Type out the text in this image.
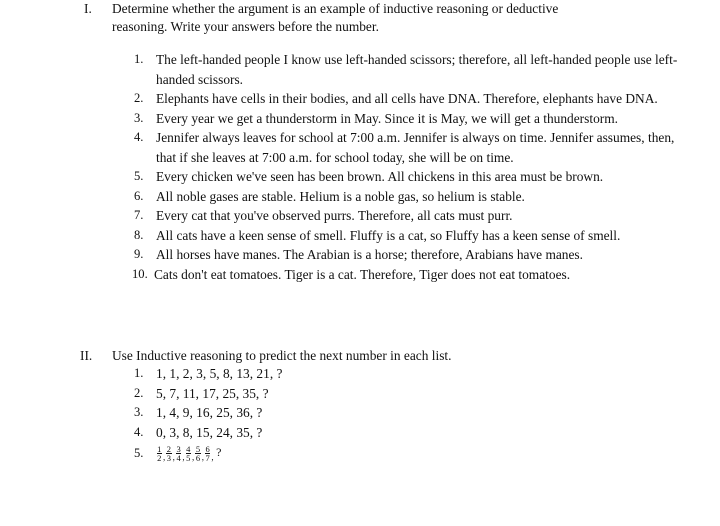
I. Determine whether the argument is an example of inductive reasoning or deductive
reasoning. Write your answers before the number.
1. The left-handed people I know use left-handed scissors; therefore, all left-handed people use left-handed scissors.
2. Elephants have cells in their bodies, and all cells have DNA. Therefore, elephants have DNA.
3. Every year we get a thunderstorm in May. Since it is May, we will get a thunderstorm.
4. Jennifer always leaves for school at 7:00 a.m. Jennifer is always on time. Jennifer assumes, then, that if she leaves at 7:00 a.m. for school today, she will be on time.
5. Every chicken we've seen has been brown. All chickens in this area must be brown.
6. All noble gases are stable. Helium is a noble gas, so helium is stable.
7. Every cat that you've observed purrs. Therefore, all cats must purr.
8. All cats have a keen sense of smell. Fluffy is a cat, so Fluffy has a keen sense of smell.
9. All horses have manes. The Arabian is a horse; therefore, Arabians have manes.
10. Cats don't eat tomatoes. Tiger is a cat. Therefore, Tiger does not eat tomatoes.
II. Use Inductive reasoning to predict the next number in each list.
1. 1, 1, 2, 3, 5, 8, 13, 21, ?
2. 5, 7, 11, 17, 25, 35, ?
3. 1, 4, 9, 16, 25, 36, ?
4. 0, 3, 8, 15, 24, 35, ?
5.	$\frac{1}{2}$ , $\frac{2}{3}$ , $\frac{3}{4}$ , $\frac{4}{5}$ , $\frac{5}{6}$ , $\frac{6}{7}$ , ?
